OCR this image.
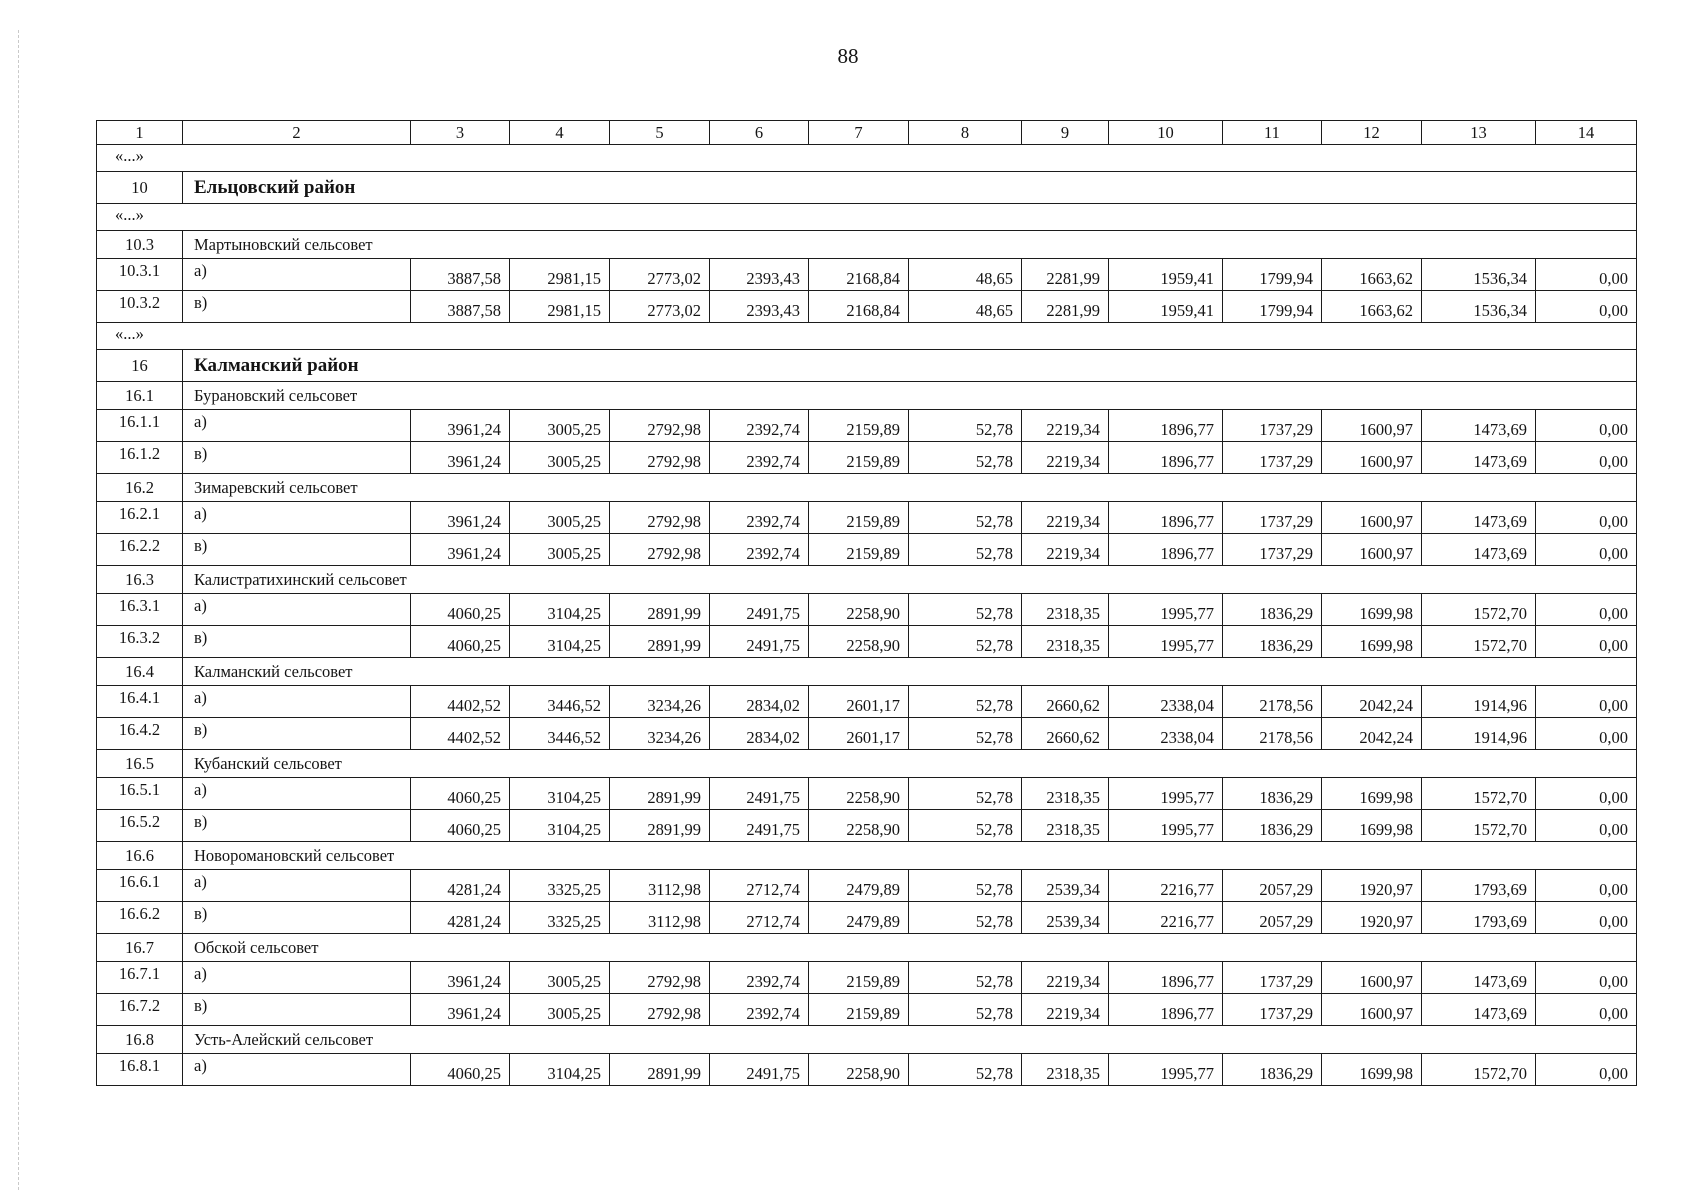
88
1	2	3	4	5	6	7	8	9	10	11	12	13	14
«...»													
10	Ельцовский район												
«...»													
10.3	Мартыновский сельсовет												
10.3.1	а)	3887,58	2981,15	2773,02	2393,43	2168,84	48,65	2281,99	1959,41	1799,94	1663,62	1536,34	0,00
10.3.2	в)	3887,58	2981,15	2773,02	2393,43	2168,84	48,65	2281,99	1959,41	1799,94	1663,62	1536,34	0,00
«...»													
16	Калманский район												
16.1	Бурановский сельсовет												
16.1.1	а)	3961,24	3005,25	2792,98	2392,74	2159,89	52,78	2219,34	1896,77	1737,29	1600,97	1473,69	0,00
16.1.2	в)	3961,24	3005,25	2792,98	2392,74	2159,89	52,78	2219,34	1896,77	1737,29	1600,97	1473,69	0,00
16.2	Зимаревский сельсовет												
16.2.1	а)	3961,24	3005,25	2792,98	2392,74	2159,89	52,78	2219,34	1896,77	1737,29	1600,97	1473,69	0,00
16.2.2	в)	3961,24	3005,25	2792,98	2392,74	2159,89	52,78	2219,34	1896,77	1737,29	1600,97	1473,69	0,00
16.3	Калистратихинский сельсовет												
16.3.1	а)	4060,25	3104,25	2891,99	2491,75	2258,90	52,78	2318,35	1995,77	1836,29	1699,98	1572,70	0,00
16.3.2	в)	4060,25	3104,25	2891,99	2491,75	2258,90	52,78	2318,35	1995,77	1836,29	1699,98	1572,70	0,00
16.4	Калманский сельсовет												
16.4.1	а)	4402,52	3446,52	3234,26	2834,02	2601,17	52,78	2660,62	2338,04	2178,56	2042,24	1914,96	0,00
16.4.2	в)	4402,52	3446,52	3234,26	2834,02	2601,17	52,78	2660,62	2338,04	2178,56	2042,24	1914,96	0,00
16.5	Кубанский сельсовет												
16.5.1	а)	4060,25	3104,25	2891,99	2491,75	2258,90	52,78	2318,35	1995,77	1836,29	1699,98	1572,70	0,00
16.5.2	в)	4060,25	3104,25	2891,99	2491,75	2258,90	52,78	2318,35	1995,77	1836,29	1699,98	1572,70	0,00
16.6	Новоромановский сельсовет												
16.6.1	а)	4281,24	3325,25	3112,98	2712,74	2479,89	52,78	2539,34	2216,77	2057,29	1920,97	1793,69	0,00
16.6.2	в)	4281,24	3325,25	3112,98	2712,74	2479,89	52,78	2539,34	2216,77	2057,29	1920,97	1793,69	0,00
16.7	Обской сельсовет												
16.7.1	а)	3961,24	3005,25	2792,98	2392,74	2159,89	52,78	2219,34	1896,77	1737,29	1600,97	1473,69	0,00
16.7.2	в)	3961,24	3005,25	2792,98	2392,74	2159,89	52,78	2219,34	1896,77	1737,29	1600,97	1473,69	0,00
16.8	Усть-Алейский сельсовет												
16.8.1	а)	4060,25	3104,25	2891,99	2491,75	2258,90	52,78	2318,35	1995,77	1836,29	1699,98	1572,70	0,00
